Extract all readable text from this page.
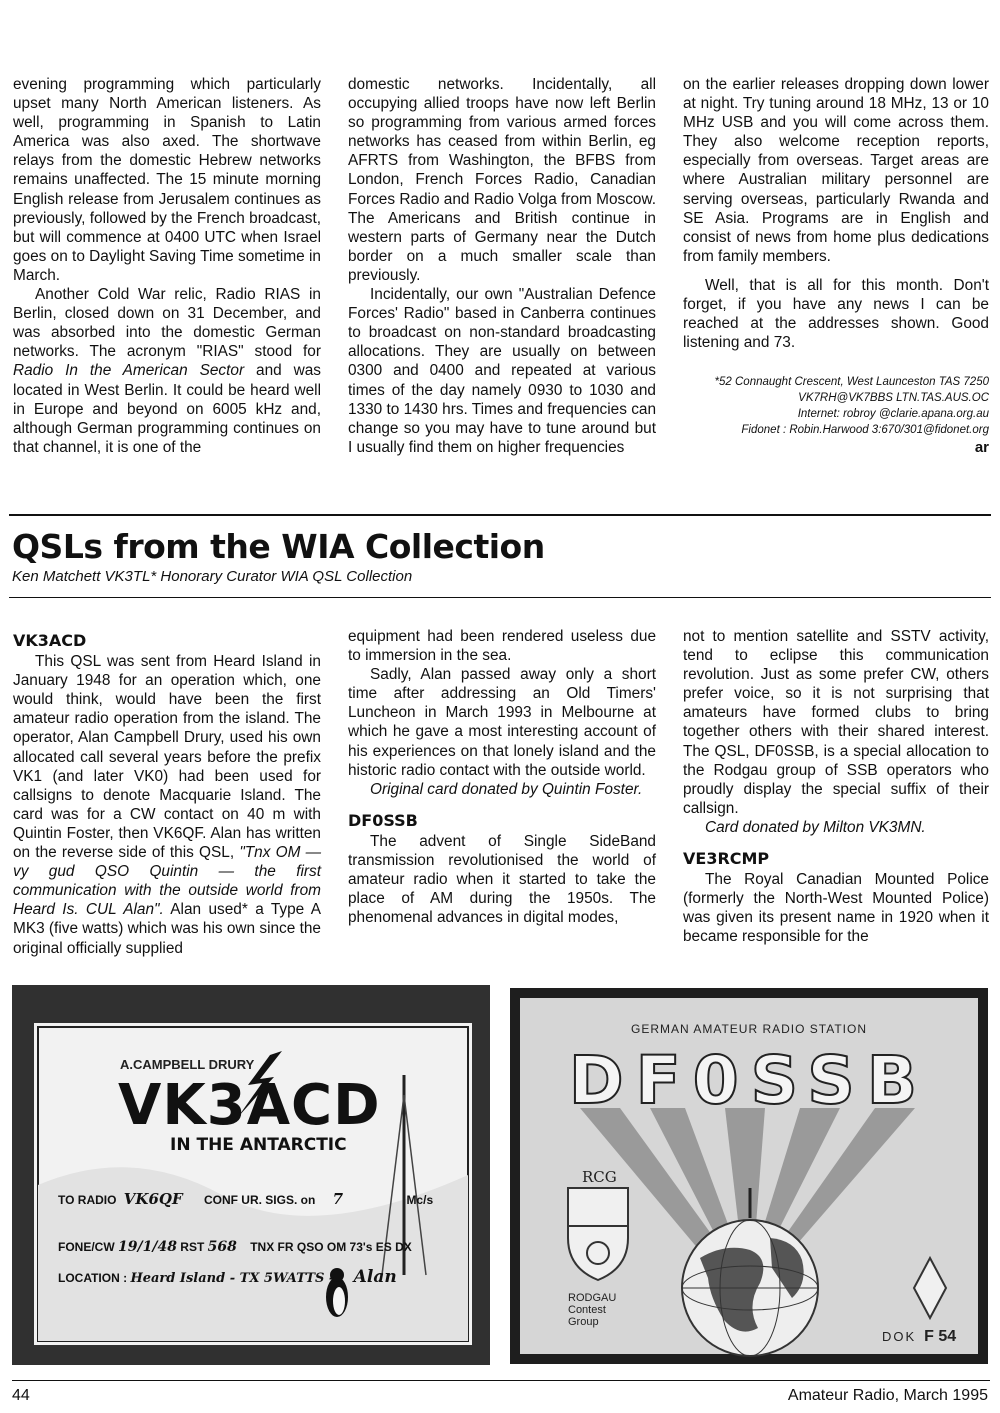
evening programming which particularly upset many North American listeners. As well, programming in Spanish to Latin America was also axed. The shortwave relays from the domestic Hebrew networks remains unaffected. The 15 minute morning English release from Jerusalem continues as previously, followed by the French broadcast, but will commence at 0400 UTC when Israel goes on to Daylight Saving Time sometime in March.

Another Cold War relic, Radio RIAS in Berlin, closed down on 31 December, and was absorbed into the domestic German networks. The acronym "RIAS" stood for Radio In the American Sector and was located in West Berlin. It could be heard well in Europe and beyond on 6005 kHz and, although German programming continues on that channel, it is one of the

domestic networks. Incidentally, all occupying allied troops have now left Berlin so programming from various armed forces networks has ceased from within Berlin, eg AFRTS from Washington, the BFBS from London, French Forces Radio, Canadian Forces Radio and Radio Volga from Moscow. The Americans and British continue in western parts of Germany near the Dutch border on a much smaller scale than previously.

Incidentally, our own "Australian Defence Forces' Radio" based in Canberra continues to broadcast on non-standard broadcasting allocations. They are usually on between 0300 and 0400 and repeated at various times of the day namely 0930 to 1030 and 1330 to 1430 hrs. Times and frequencies can change so you may have to tune around but I usually find them on higher frequencies

on the earlier releases dropping down lower at night. Try tuning around 18 MHz, 13 or 10 MHz USB and you will come across them. They also welcome reception reports, especially from overseas. Target areas are where Australian military personnel are serving overseas, particularly Rwanda and SE Asia. Programs are in English and consist of news from home plus dedications from family members.

Well, that is all for this month. Don't forget, if you have any news I can be reached at the addresses shown. Good listening and 73.

*52 Connaught Crescent, West Launceston TAS 7250
VK7RH@VK7BBS LTN.TAS.AUS.OC
Internet: robroy @clarie.apana.org.au
Fidonet : Robin.Harwood 3:670/301@fidonet.org
ar
QSLs from the WIA Collection
Ken Matchett VK3TL* Honorary Curator WIA QSL Collection
VK3ACD

This QSL was sent from Heard Island in January 1948 for an operation which, one would think, would have been the first amateur radio operation from the island. The operator, Alan Campbell Drury, used his own allocated call several years before the prefix VK1 (and later VK0) had been used for callsigns to denote Macquarie Island. The card was for a CW contact on 40 m with Quintin Foster, then VK6QF. Alan has written on the reverse side of this QSL, "Tnx OM — vy gud QSO Quintin — the first communication with the outside world from Heard Is. CUL Alan". Alan used* a Type A MK3 (five watts) which was his own since the original officially supplied

equipment had been rendered useless due to immersion in the sea.

Sadly, Alan passed away only a short time after addressing an Old Timers' Luncheon in March 1993 in Melbourne at which he gave a most interesting account of his experiences on that lonely island and the historic radio contact with the outside world.

Original card donated by Quintin Foster.

DF0SSB

The advent of Single SideBand transmission revolutionised the world of amateur radio when it started to take the place of AM during the 1950s. The phenomenal advances in digital modes,

not to mention satellite and SSTV activity, tend to eclipse this communication revolution. Just as some prefer CW, others prefer voice, so it is not surprising that amateurs have formed clubs to bring together others with their shared interest. The QSL, DF0SSB, is a special allocation to the Rodgau group of SSB operators who proudly display the special suffix of their callsign.

Card donated by Milton VK3MN.

VE3RCMP

The Royal Canadian Mounted Police (formerly the North-West Mounted Police) was given its present name in 1920 when it became responsible for the

A.CAMPBELL DRURY
VK3ACD
IN THE ANTARCTIC
TO RADIO VK6QF CONF UR. SIGS. on 7	Mc/s
FONE/CW 19/1/48 RST 568 TNX FR QSO OM 73's ES DX
LOCATION : Heard Island - TX 5WATTS - Alan
GERMAN AMATEUR RADIO STATION
DF0SSB
RCG
RODGAU
Contest
Group
DOK F 54
44	Amateur Radio, March 1995
